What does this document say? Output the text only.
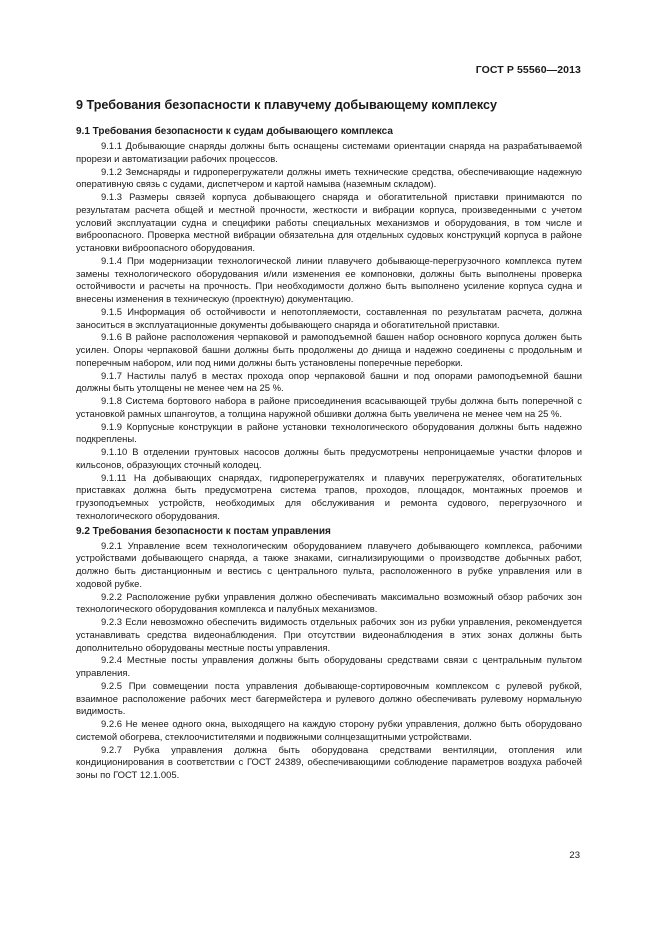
ГОСТ Р 55560—2013
9 Требования безопасности к плавучему добывающему комплексу
9.1 Требования безопасности к судам добывающего комплекса

9.1.1 Добывающие снаряды должны быть оснащены системами ориентации снаряда на разрабатываемой прорези и автоматизации рабочих процессов.

9.1.2 Земснаряды и гидроперегружатели должны иметь технические средства, обеспечивающие надежную оперативную связь с судами, диспетчером и картой намыва (наземным складом).

9.1.3 Размеры связей корпуса добывающего снаряда и обогатительной приставки принимаются по результатам расчета общей и местной прочности, жесткости и вибрации корпуса, произведенными с учетом условий эксплуатации судна и специфики работы специальных механизмов и оборудования, в том числе и виброопасного. Проверка местной вибрации обязательна для отдельных судовых конструкций корпуса в районе установки виброопасного оборудования.

9.1.4 При модернизации технологической линии плавучего добывающе-перегрузочного комплекса путем замены технологического оборудования и/или изменения ее компоновки, должны быть выполнены проверка остойчивости и расчеты на прочность. При необходимости должно быть выполнено усиление корпуса судна и внесены изменения в техническую (проектную) документацию.

9.1.5 Информация об остойчивости и непотопляемости, составленная по результатам расчета, должна заноситься в эксплуатационные документы добывающего снаряда и обогатительной приставки.

9.1.6 В районе расположения черпаковой и рамоподъемной башен набор основного корпуса должен быть усилен. Опоры черпаковой башни должны быть продолжены до днища и надежно соединены с продольным и поперечным набором, или под ними должны быть установлены поперечные переборки.

9.1.7 Настилы палуб в местах прохода опор черпаковой башни и под опорами рамоподъемной башни должны быть утолщены не менее чем на 25 %.

9.1.8 Система бортового набора в районе присоединения всасывающей трубы должна быть поперечной с установкой рамных шпангоутов, а толщина наружной обшивки должна быть увеличена не менее чем на 25 %.

9.1.9 Корпусные конструкции в районе установки технологического оборудования должны быть надежно подкреплены.

9.1.10 В отделении грунтовых насосов должны быть предусмотрены непроницаемые участки флоров и кильсонов, образующих сточный колодец.

9.1.11 На добывающих снарядах, гидроперегружателях и плавучих перегружателях, обогатительных приставках должна быть предусмотрена система трапов, проходов, площадок, монтажных проемов и грузоподъемных устройств, необходимых для обслуживания и ремонта судового, перегрузочного и технологического оборудования.

9.2 Требования безопасности к постам управления

9.2.1 Управление всем технологическим оборудованием плавучего добывающего комплекса, рабочими устройствами добывающего снаряда, а также знаками, сигнализирующими о производстве добычных работ, должно быть дистанционным и вестись с центрального пульта, расположенного в рубке управления или в ходовой рубке.

9.2.2 Расположение рубки управления должно обеспечивать максимально возможный обзор рабочих зон технологического оборудования комплекса и палубных механизмов.

9.2.3 Если невозможно обеспечить видимость отдельных рабочих зон из рубки управления, рекомендуется устанавливать средства видеонаблюдения. При отсутствии видеонаблюдения в этих зонах должны быть дополнительно оборудованы местные посты управления.

9.2.4 Местные посты управления должны быть оборудованы средствами связи с центральным пультом управления.

9.2.5 При совмещении поста управления добывающе-сортировочным комплексом с рулевой рубкой, взаимное расположение рабочих мест багермейстера и рулевого должно обеспечивать рулевому нормальную видимость.

9.2.6 Не менее одного окна, выходящего на каждую сторону рубки управления, должно быть оборудовано системой обогрева, стеклоочистителями и подвижными солнцезащитными устройствами.

9.2.7 Рубка управления должна быть оборудована средствами вентиляции, отопления или кондиционирования в соответствии с ГОСТ 24389, обеспечивающими соблюдение параметров воздуха рабочей зоны по ГОСТ 12.1.005.

23
